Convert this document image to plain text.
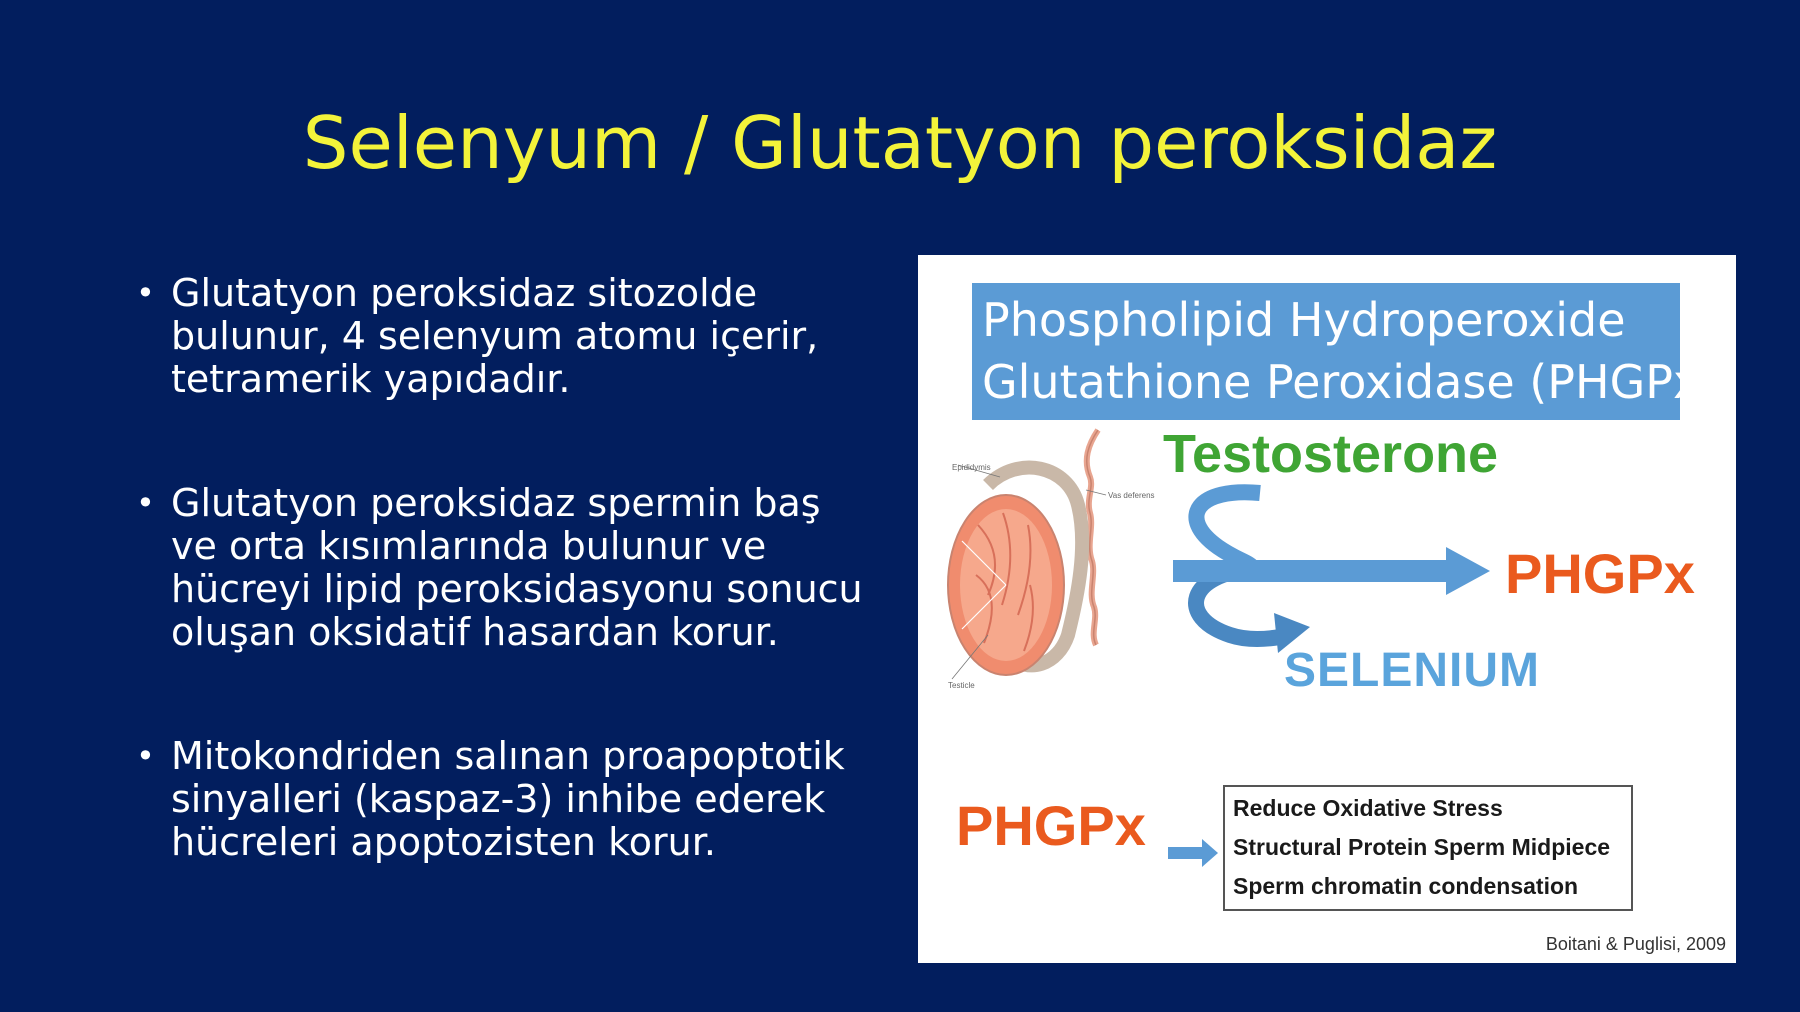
Selenyum / Glutatyon peroksidaz
• Glutatyon peroksidaz sitozolde bulunur, 4 selenyum atomu içerir, tetramerik yapıdadır.
• Glutatyon peroksidaz spermin baş ve orta kısımlarında bulunur ve hücreyi lipid peroksidasyonu sonucu oluşan oksidatif hasardan korur.
• Mitokondriden salınan proapoptotik sinyalleri (kaspaz-3) inhibe ederek hücreleri apoptozisten korur.
Phospholipid Hydroperoxide
Glutathione Peroxidase (PHGPx)
Epididymis
Vas deferens
Testicle
Testosterone
PHGPx
SELENIUM
PHGPx	Reduce Oxidative Stress
Structural Protein Sperm Midpiece
Sperm chromatin condensation
Boitani & Puglisi, 2009
